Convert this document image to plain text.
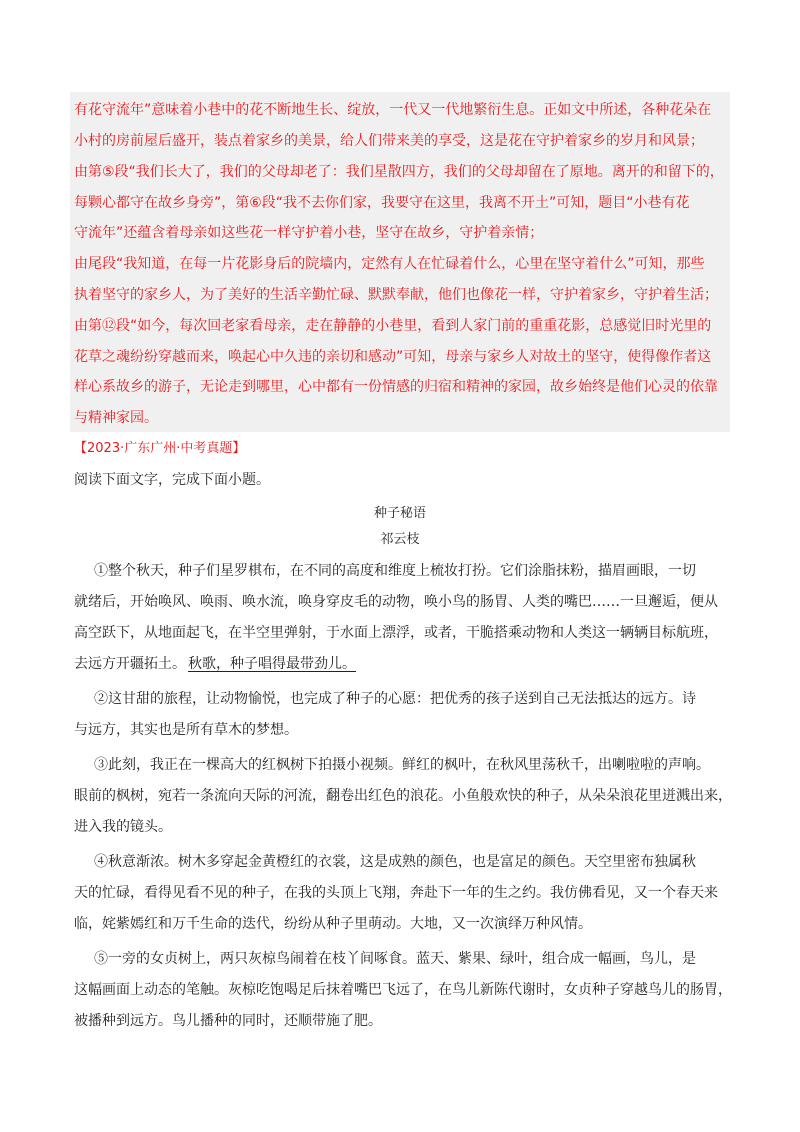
有花守流年”意味着小巷中的花不断地生长、绽放，一代又一代地繁衍生息。正如文中所述，各种花朵在
小村的房前屋后盛开，装点着家乡的美景，给人们带来美的享受，这是花在守护着家乡的岁月和风景；
由第⑤段“我们长大了，我们的父母却老了：我们星散四方，我们的父母却留在了原地。离开的和留下的，
每颗心都守在故乡身旁”，第⑥段“我不去你们家，我要守在这里，我离不开土”可知，题目“小巷有花
守流年”还蕴含着母亲如这些花一样守护着小巷，坚守在故乡，守护着亲情；
由尾段“我知道，在每一片花影身后的院墙内，定然有人在忙碌着什么，心里在坚守着什么”可知，那些
执着坚守的家乡人，为了美好的生活辛勤忙碌、默默奉献，他们也像花一样，守护着家乡，守护着生活；
由第⑫段“如今，每次回老家看母亲，走在静静的小巷里，看到人家门前的重重花影，总感觉旧时光里的
花草之魂纷纷穿越而来，唤起心中久违的亲切和感动”可知，母亲与家乡人对故土的坚守，使得像作者这
样心系故乡的游子，无论走到哪里，心中都有一份情感的归宿和精神的家园，故乡始终是他们心灵的依靠
与精神家园。
【2023·广东广州·中考真题】
阅读下面文字，完成下面小题。
种子秘语
祁云枝
①整个秋天，种子们星罗棋布，在不同的高度和维度上梳妆打扮。它们涂脂抹粉，描眉画眼，一切
就绪后，开始唤风、唤雨、唤水流，唤身穿皮毛的动物，唤小鸟的肠胃、人类的嘴巴……一旦邂逅，便从
高空跃下，从地面起飞，在半空里弹射，于水面上漂浮，或者，干脆搭乘动物和人类这一辆辆目标航班，
去远方开疆拓土。 秋歌，种子唱得最带劲儿。
②这甘甜的旅程，让动物愉悦，也完成了种子的心愿：把优秀的孩子送到自己无法抵达的远方。诗
与远方，其实也是所有草木的梦想。
③此刻，我正在一棵高大的红枫树下拍摄小视频。鲜红的枫叶，在秋风里荡秋千，出喇啦啦的声响。
眼前的枫树，宛若一条流向天际的河流，翻卷出红色的浪花。小鱼般欢快的种子，从朵朵浪花里迸溅出来，
进入我的镜头。
④秋意渐浓。树木多穿起金黄橙红的衣裳，这是成熟的颜色，也是富足的颜色。天空里密布独属秋
天的忙碌，看得见看不见的种子，在我的头顶上飞翔，奔赴下一年的生之约。我仿佛看见，又一个春天来
临，姹紫嫣红和万千生命的迭代，纷纷从种子里萌动。大地，又一次演绎万种风情。
⑤一旁的女贞树上，两只灰椋鸟闹着在枝丫间啄食。蓝天、紫果、绿叶，组合成一幅画，鸟儿，是
这幅画面上动态的笔触。灰椋吃饱喝足后抹着嘴巴飞远了，在鸟儿新陈代谢时，女贞种子穿越鸟儿的肠胃，
被播种到远方。鸟儿播种的同时，还顺带施了肥。
